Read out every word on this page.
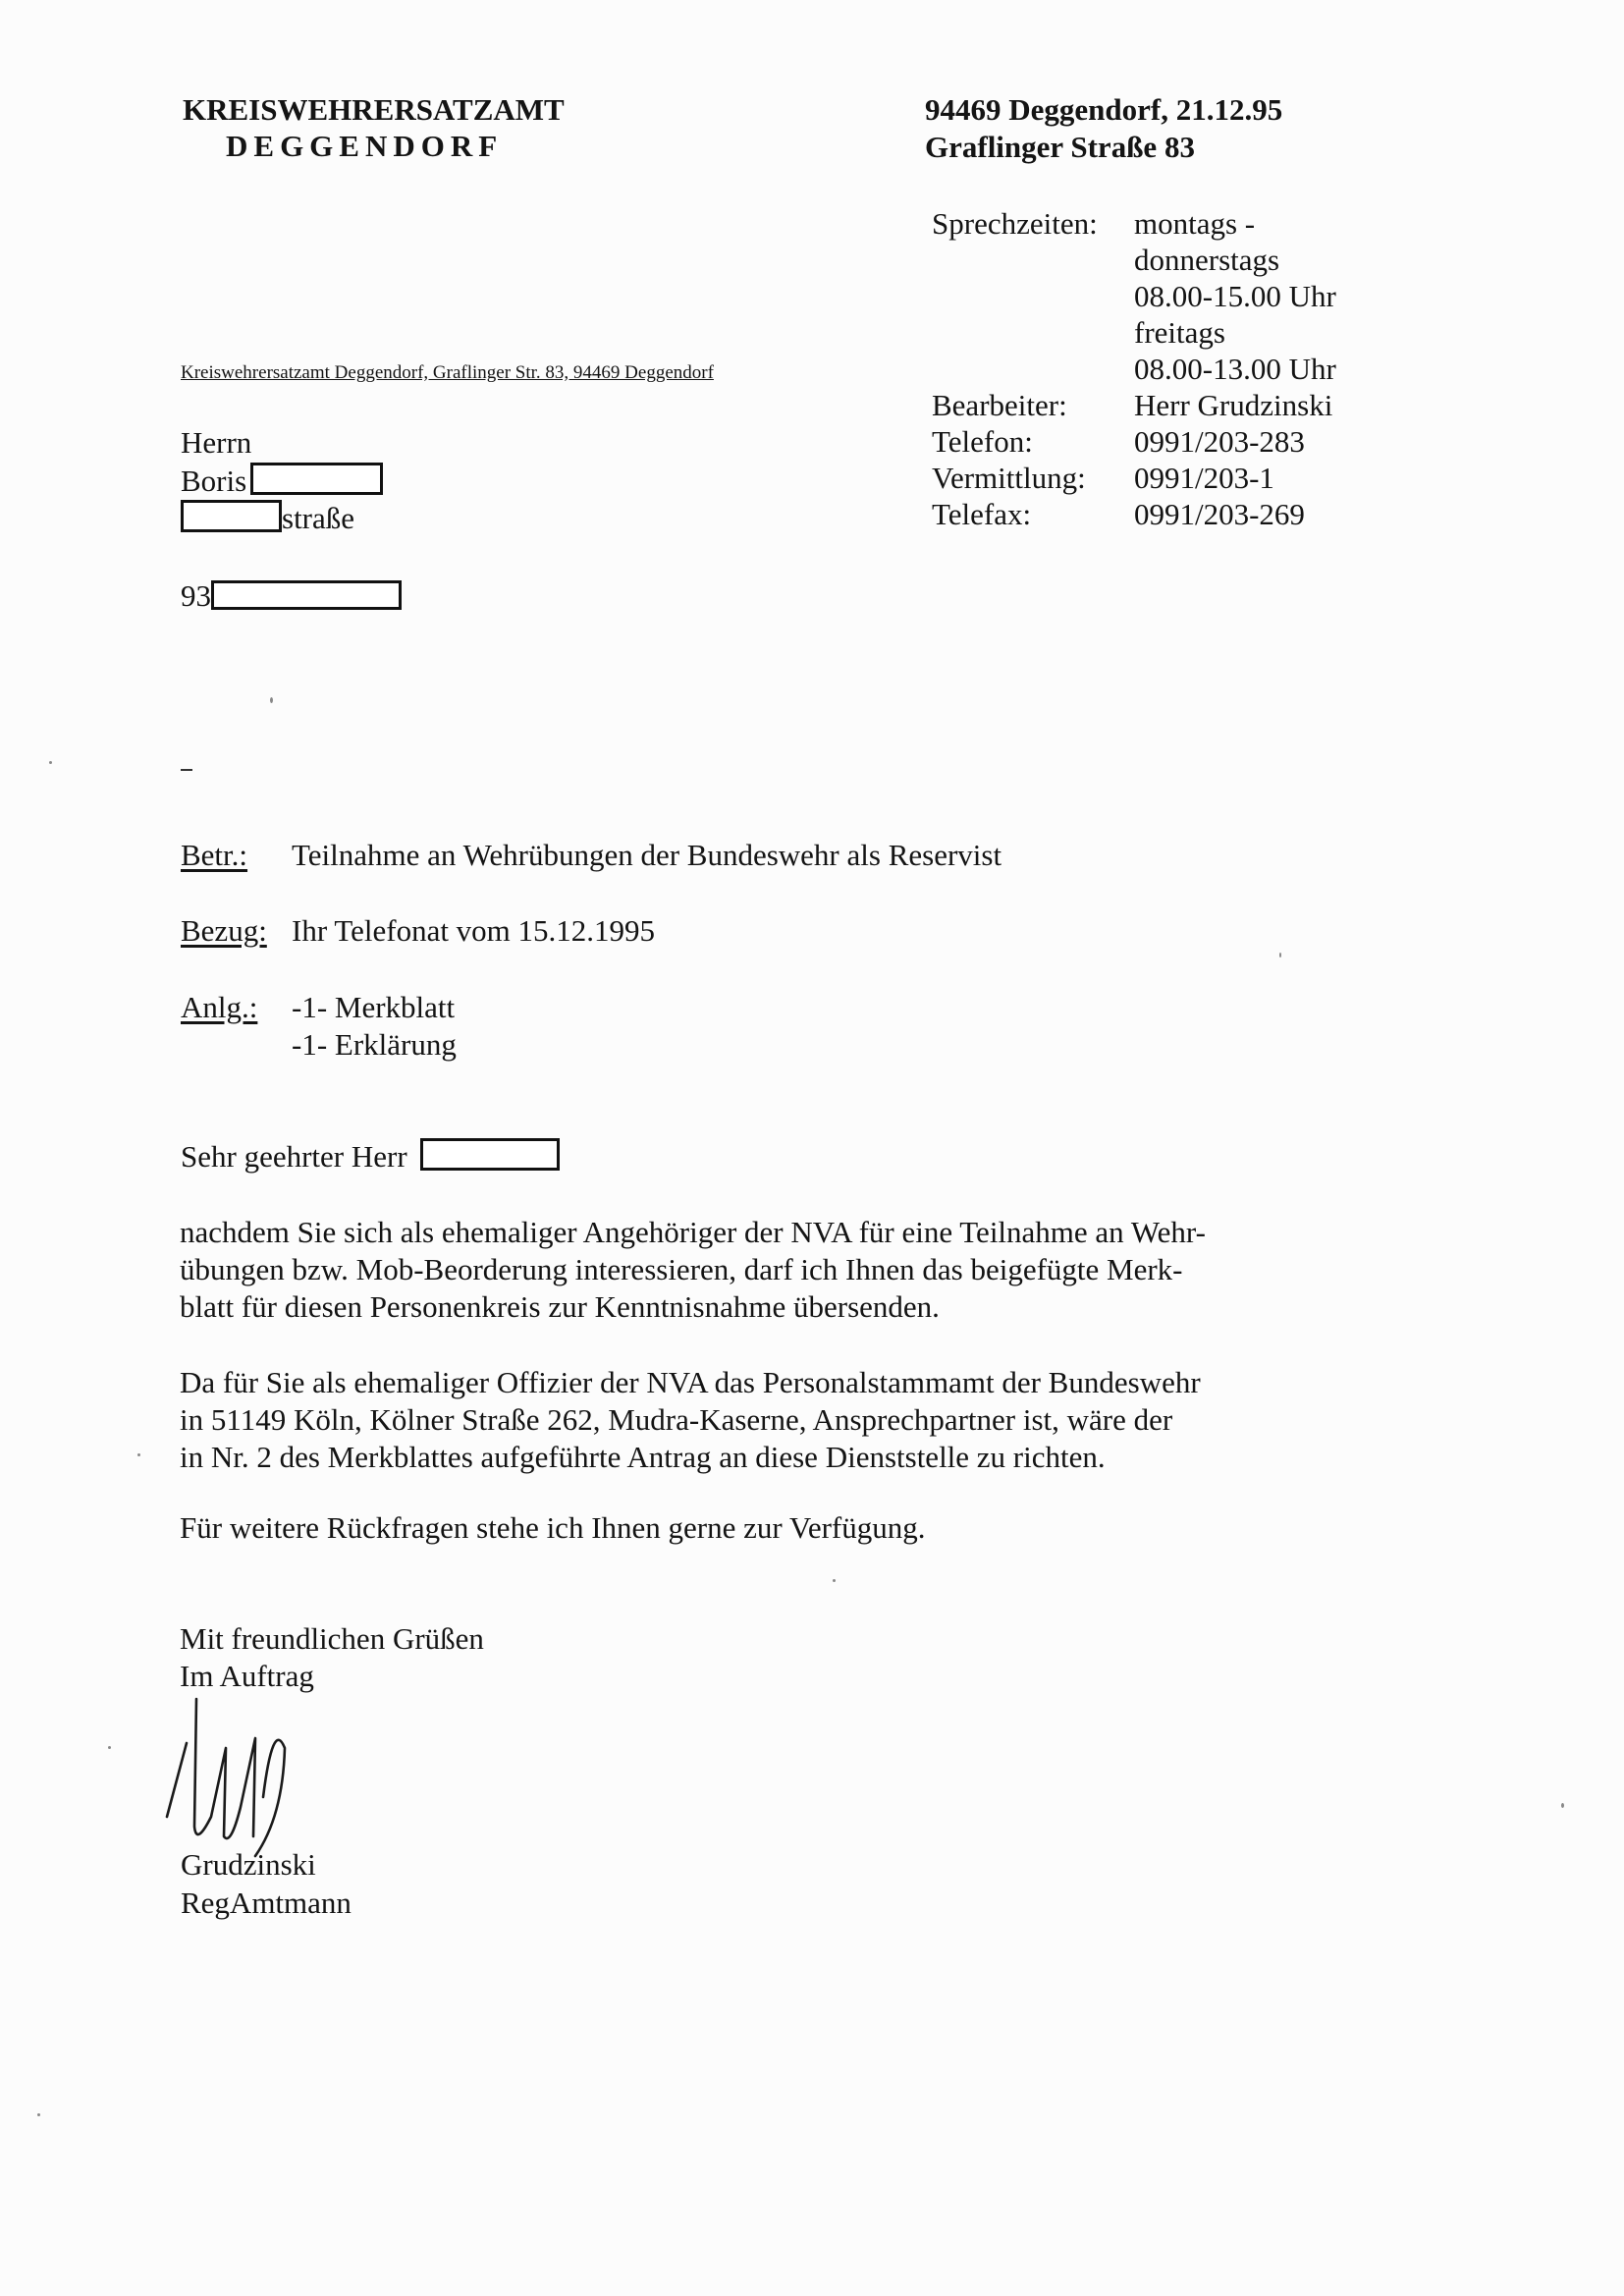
KREISWEHRERSATZAMT
DEGGENDORF
94469 Deggendorf, 21.12.95
Graflinger Straße 83
Sprechzeiten:	montags -
donnerstags
08.00-15.00 Uhr
freitags
08.00-13.00 Uhr
Bearbeiter:	Herr Grudzinski
Telefon:	0991/203-283
Vermittlung:	0991/203-1
Telefax:	0991/203-269
Kreiswehrersatzamt Deggendorf, Graflinger Str. 83, 94469 Deggendorf
Herrn
Boris
straße
93
Betr.: Teilnahme an Wehrübungen der Bundeswehr als Reservist
Bezug: Ihr Telefonat vom 15.12.1995
Anlg.: -1- Merkblatt
-1- Erklärung
Sehr geehrter Herr
nachdem Sie sich als ehemaliger Angehöriger der NVA für eine Teilnahme an Wehr-
übungen bzw. Mob-Beorderung interessieren, darf ich Ihnen das beigefügte Merk-
blatt für diesen Personenkreis zur Kenntnisnahme übersenden.
Da für Sie als ehemaliger Offizier der NVA das Personalstammamt der Bundeswehr
in 51149 Köln, Kölner Straße 262, Mudra-Kaserne, Ansprechpartner ist, wäre der
in Nr. 2 des Merkblattes aufgeführte Antrag an diese Dienststelle zu richten.
Für weitere Rückfragen stehe ich Ihnen gerne zur Verfügung.
Mit freundlichen Grüßen
Im Auftrag
Grudzinski
RegAmtmann
